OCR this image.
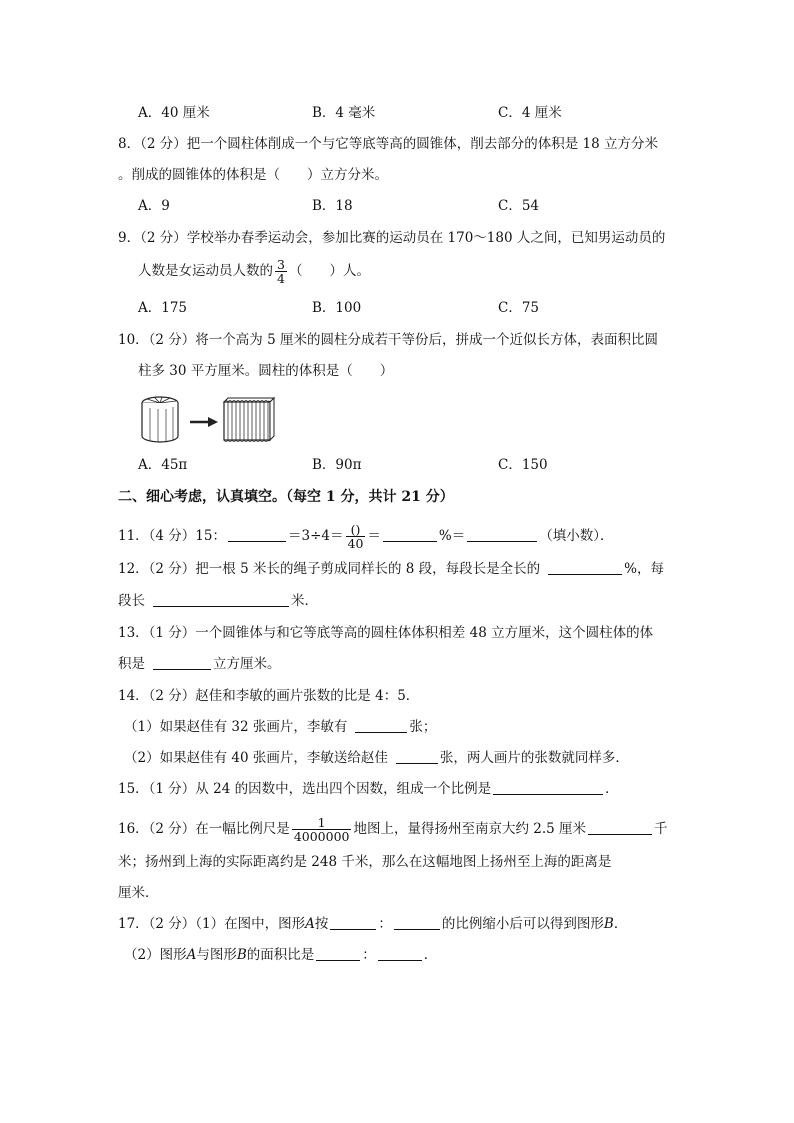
A．40 厘米	B．4 毫米	C．4 厘米
8．（2 分）把一个圆柱体削成一个与它等底等高的圆锥体，削去部分的体积是 18 立方分米
。削成的圆锥体的体积是（　　）立方分米。
A．9	B．18	C．54
9．（2 分）学校举办春季运动会，参加比赛的运动员在 170～180 人之间，已知男运动员的
人数是女运动员人数的 $\frac{3}{4}$ （　　）人。
A．175	B．100	C．75
10．（2 分）将一个高为 5 厘米的圆柱分成若干等份后，拼成一个近似长方体，表面积比圆
柱多 30 平方厘米。圆柱的体积是（　　）
A．45π	B．90π	C．150
二、细心考虑，认真填空。（每空 1 分，共计 21 分）
11．（4 分）15：	$=3\div 4= \frac{()}{40}$ ＝	%＝	（填小数）．
12．（2 分）把一根 5 米长的绳子剪成同样长的 8 段，每段长是全长的	%，每
段长	米．
13．（1 分）一个圆锥体与和它等底等高的圆柱体体积相差 48 立方厘米，这个圆柱体的体
积是	立方厘米。
14．（2 分）赵佳和李敏的画片张数的比是 4：5．
（1）如果赵佳有 32 张画片，李敏有	张；
（2）如果赵佳有 40 张画片，李敏送给赵佳	张，两人画片的张数就同样多．
15．（1 分）从 24 的因数中，选出四个因数，组成一个比例是	．
16．（2 分）在一幅比例尺是 $\frac{1}{4000000}$ 地图上，量得扬州至南京大约 2.5 厘米	千
米；扬州到上海的实际距离约是 248 千米，那么在这幅地图上扬州至上海的距离是
厘米．
17．（2 分）（1）在图中，图形A按	：	的比例缩小后可以得到图形B．
（2）图形A与图形B的面积比是	：	．
